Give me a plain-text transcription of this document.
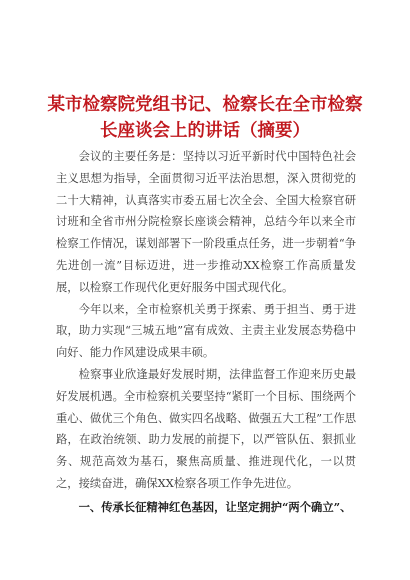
某市检察院党组书记、检察长在全市检察长座谈会上的讲话（摘要）

会议的主要任务是：坚持以习近平新时代中国特色社会主义思想为指导，全面贯彻习近平法治思想，深入贯彻党的二十大精神，认真落实市委五届七次全会、全国大检察官研讨班和全省市州分院检察长座谈会精神，总结今年以来全市检察工作情况，谋划部署下一阶段重点任务，进一步朝着“争先进创一流”目标迈进，进一步推动XX检察工作高质量发展，以检察工作现代化更好服务中国式现代化。

今年以来，全市检察机关勇于探索、勇于担当、勇于进取，助力实现“三城五地”富有成效、主责主业发展态势稳中向好、能力作风建设成果丰硕。

检察事业欣逢最好发展时期，法律监督工作迎来历史最好发展机遇。全市检察机关要坚持“紧盯一个目标、围绕两个重心、做优三个角色、做实四名战略、做强五大工程”工作思路，在政治统领、助力发展的前提下，以严管队伍、狠抓业务、规范高效为基石，聚焦高质量、推进现代化，一以贯之，接续奋进，确保XX检察各项工作争先进位。

一、传承长征精神红色基因，让坚定拥护“两个确立”、
